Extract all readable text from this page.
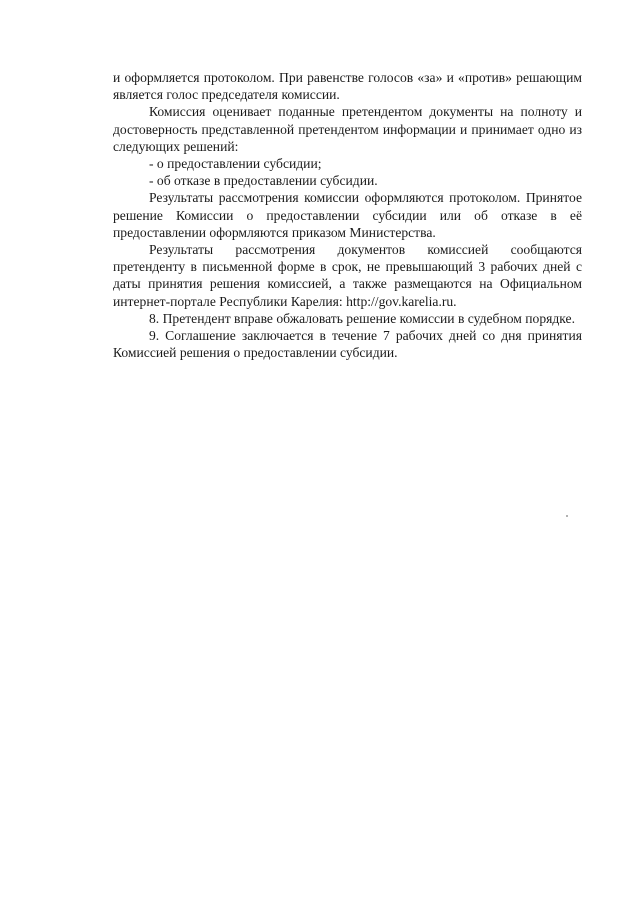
и оформляется протоколом. При равенстве голосов «за» и «против» решающим является голос председателя комиссии.

Комиссия оценивает поданные претендентом документы на полноту и достоверность представленной претендентом информации и принимает одно из следующих решений:

- о предоставлении субсидии;

- об отказе в предоставлении субсидии.

Результаты рассмотрения комиссии оформляются протоколом. Принятое решение Комиссии о предоставлении субсидии или об отказе в её предоставлении оформляются приказом Министерства.

Результаты рассмотрения документов комиссией сообщаются претенденту в письменной форме в срок, не превышающий 3 рабочих дней с даты принятия решения комиссией, а также размещаются на Официальном интернет-портале Республики Карелия: http://gov.karelia.ru.

8. Претендент вправе обжаловать решение комиссии в судебном порядке.

9. Соглашение заключается в течение 7 рабочих дней со дня принятия Комиссией решения о предоставлении субсидии.
